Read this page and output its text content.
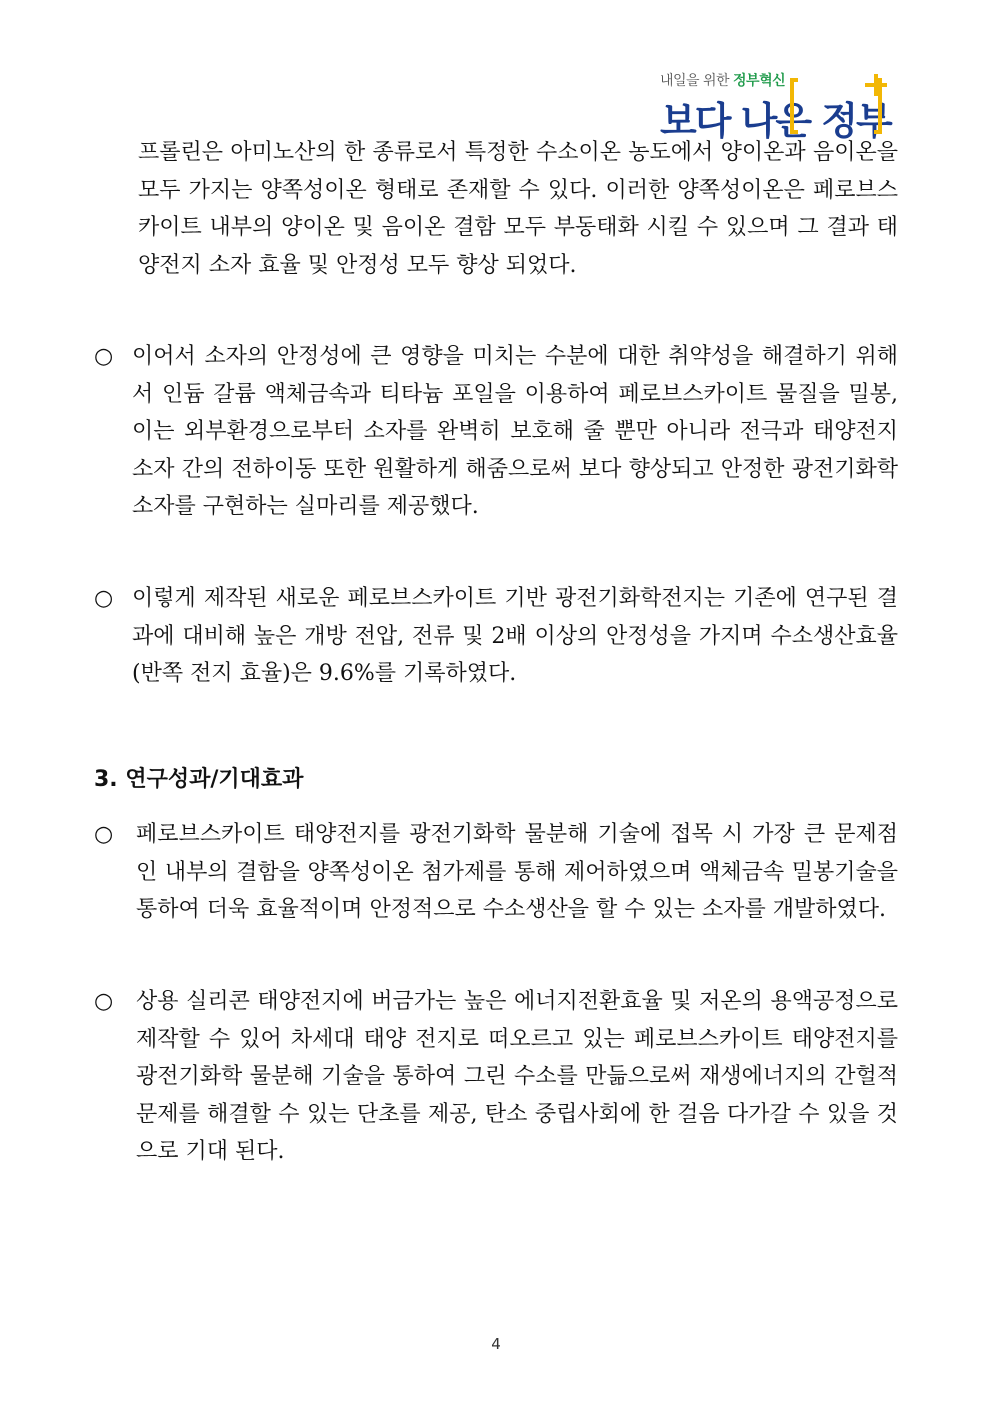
내일을 위한 정부혁신
보다 나은 정부
프롤린은 아미노산의 한 종류로서 특정한 수소이온 농도에서 양이온과 음이온을 모두 가지는 양쪽성이온 형태로 존재할 수 있다. 이러한 양쪽성이온은 페로브스카이트 내부의 양이온 및 음이온 결함 모두 부동태화 시킬 수 있으며 그 결과 태양전지 소자 효율 및 안정성 모두 향상 되었다.
○ 이어서 소자의 안정성에 큰 영향을 미치는 수분에 대한 취약성을 해결하기 위해서 인듐 갈륨 액체금속과 티타늄 포일을 이용하여 페로브스카이트 물질을 밀봉, 이는 외부환경으로부터 소자를 완벽히 보호해 줄 뿐만 아니라 전극과 태양전지 소자 간의 전하이동 또한 원활하게 해줌으로써 보다 향상되고 안정한 광전기화학 소자를 구현하는 실마리를 제공했다.
○ 이렇게 제작된 새로운 페로브스카이트 기반 광전기화학전지는 기존에 연구된 결과에 대비해 높은 개방 전압, 전류 및 2배 이상의 안정성을 가지며 수소생산효율(반쪽 전지 효율)은 9.6%를 기록하였다.
3. 연구성과/기대효과
○ 페로브스카이트 태양전지를 광전기화학 물분해 기술에 접목 시 가장 큰 문제점인 내부의 결함을 양쪽성이온 첨가제를 통해 제어하였으며 액체금속 밀봉기술을 통하여 더욱 효율적이며 안정적으로 수소생산을 할 수 있는 소자를 개발하였다.
○ 상용 실리콘 태양전지에 버금가는 높은 에너지전환효율 및 저온의 용액공정으로 제작할 수 있어 차세대 태양 전지로 떠오르고 있는 페로브스카이트 태양전지를 광전기화학 물분해 기술을 통하여 그린 수소를 만듦으로써 재생에너지의 간헐적 문제를 해결할 수 있는 단초를 제공, 탄소 중립사회에 한 걸음 다가갈 수 있을 것으로 기대 된다.
4
